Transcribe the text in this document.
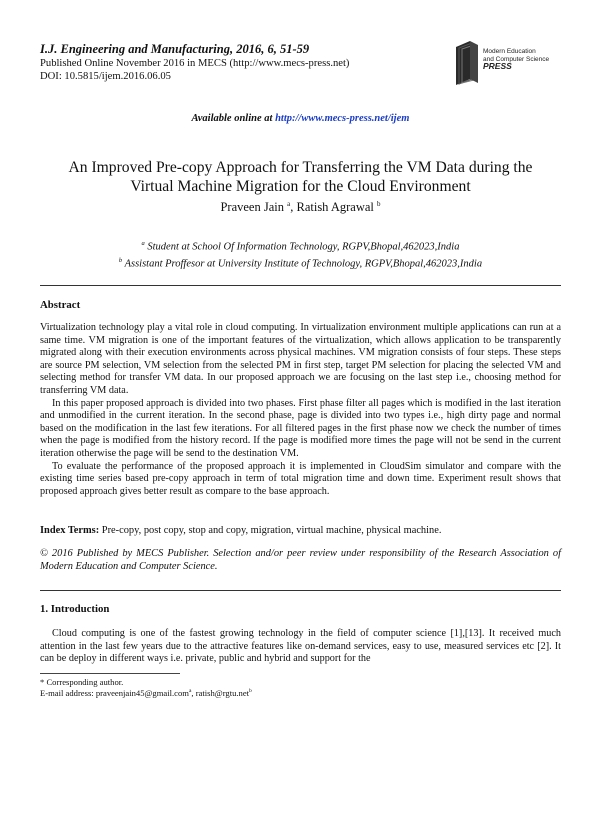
I.J. Engineering and Manufacturing, 2016, 6, 51-59
Published Online November 2016 in MECS (http://www.mecs-press.net)
DOI: 10.5815/ijem.2016.06.05
Modern Education
and Computer Science
PRESS
Available online at http://www.mecs-press.net/ijem
An Improved Pre-copy Approach for Transferring the VM Data during the
Virtual Machine Migration for the Cloud Environment
Praveen Jain $^a$, Ratish Agrawal $^b$
$^a$ Student at School Of Information Technology, RGPV,Bhopal,462023,India
$^b$ Assistant Proffesor at University Institute of Technology, RGPV,Bhopal,462023,India
Abstract

Virtualization technology play a vital role in cloud computing. In virtualization environment multiple applications can run at a same time. VM migration is one of the important features of the virtualization, which allows application to be transparently migrated along with their execution environments across physical machines. VM migration consists of four steps. These steps are source PM selection, VM selection from the selected PM in first step, target PM selection for placing the selected VM and selecting method for transfer VM data. In our proposed approach we are focusing on the last step i.e., choosing method for transferring VM data.

In this paper proposed approach is divided into two phases. First phase filter all pages which is modified in the last iteration and unmodified in the current iteration. In the second phase, page is divided into two types i.e., high dirty page and normal based on the modification in the last few iterations. For all filtered pages in the first phase now we check the number of times when the page is modified from the history record. If the page is modified more times the page will not be send in the current iteration otherwise the page will be send to the destination VM.

To evaluate the performance of the proposed approach it is implemented in CloudSim simulator and compare with the existing time series based pre-copy approach in term of total migration time and down time. Experiment result shows that proposed approach gives better result as compare to the base approach.

Index Terms: Pre-copy, post copy, stop and copy, migration, virtual machine, physical machine.
© 2016 Published by MECS Publisher. Selection and/or peer review under responsibility of the Research Association of Modern Education and Computer Science.
1. Introduction

Cloud computing is one of the fastest growing technology in the field of computer science [1],[13]. It received much attention in the last few years due to the attractive features like on-demand services, easy to use, measured services etc [2]. It can be deploy in different ways i.e. private, public and hybrid and support for the

* Corresponding author.
E-mail address: praveenjain45@gmail.com$^a$, ratish@rgtu.net$^b$
